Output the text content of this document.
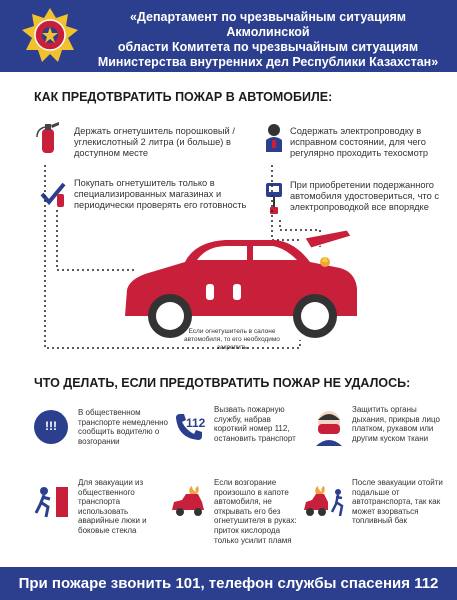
«Департамент по чрезвычайным ситуациям Акмолинской
области Комитета по чрезвычайным ситуациям
Министерства внутренних дел Республики Казахстан»
КАК ПРЕДОТВРАТИТЬ ПОЖАР В АВТОМОБИЛЕ:
Держать огнетушитель порошковый /углекислотный 2 литра (и больше) в доступном месте
Покупать огнетушитель только в специализированных магазинах и периодически проверять его готовность
Содержать электропроводку в исправном состоянии, для чего регулярно проходить техосмотр
При приобретении подержанного автомобиля удостовериться, что с электропроводкой все впорядке
Если огнетушитель в салоне автомобиля, то его необходимо закрепить
ЧТО ДЕЛАТЬ, ЕСЛИ ПРЕДОТВРАТИТЬ ПОЖАР НЕ УДАЛОСЬ:
!!!
В общественном транспорте немедленно сообщить водителю о возгорании
112
Вызвать пожарную службу, набрав короткий номер 112, остановить транспорт
Защитить органы дыхания, прикрыв лицо платком, рукавом или другим куском ткани
Для эвакуации из общественного транспорта использовать аварийные люки и боковые стекла
Если возгорание произошло в капоте автомобиля, не открывать его без огнетушителя в руках: приток кислорода только усилит пламя
После эвакуации отойти подальше от автотранспорта, так как может взорваться топливный бак
При пожаре звонить 101, телефон службы спасения 112
